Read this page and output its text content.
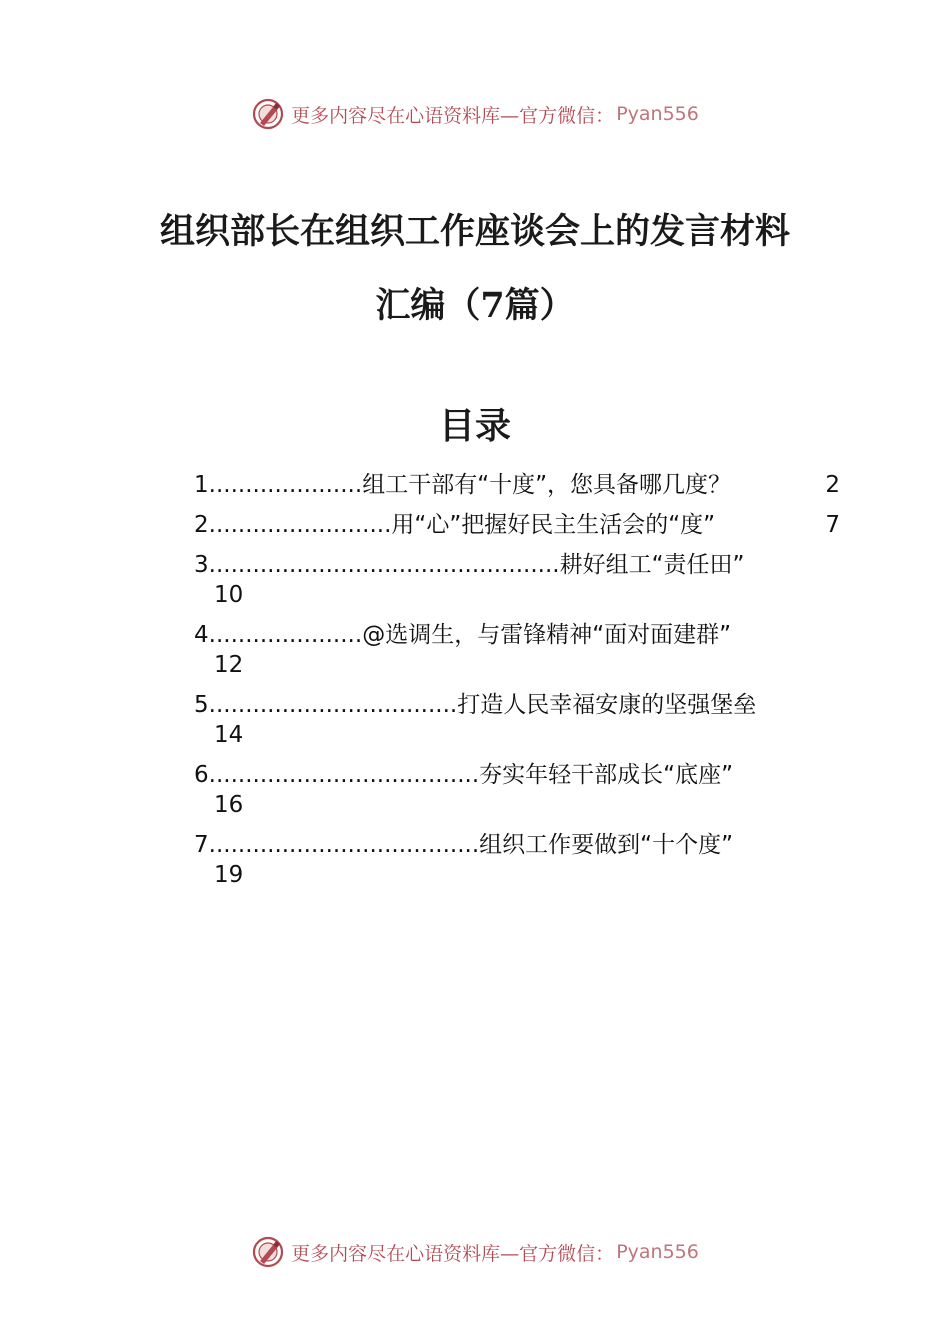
更多内容尽在心语资料库— 官方微信： Pyan556
组织部长在组织工作座谈会上的发言材料
汇编（7篇）
目录
1 ..................... 组工干部有“十度”，您具备哪几度？	2
2 ......................... 用“心”把握好民主生活会的“度”	7
3 ................................................ 耕好组工“责任田”
10
4 ..................... @选调生，与雷锋精神“面对面建群”
12
5 .................................. 打造人民幸福安康的坚强堡垒
14
6 ..................................... 夯实年轻干部成长“底座”
16
7 ..................................... 组织工作要做到“十个度”
19
更多内容尽在心语资料库— 官方微信： Pyan556
